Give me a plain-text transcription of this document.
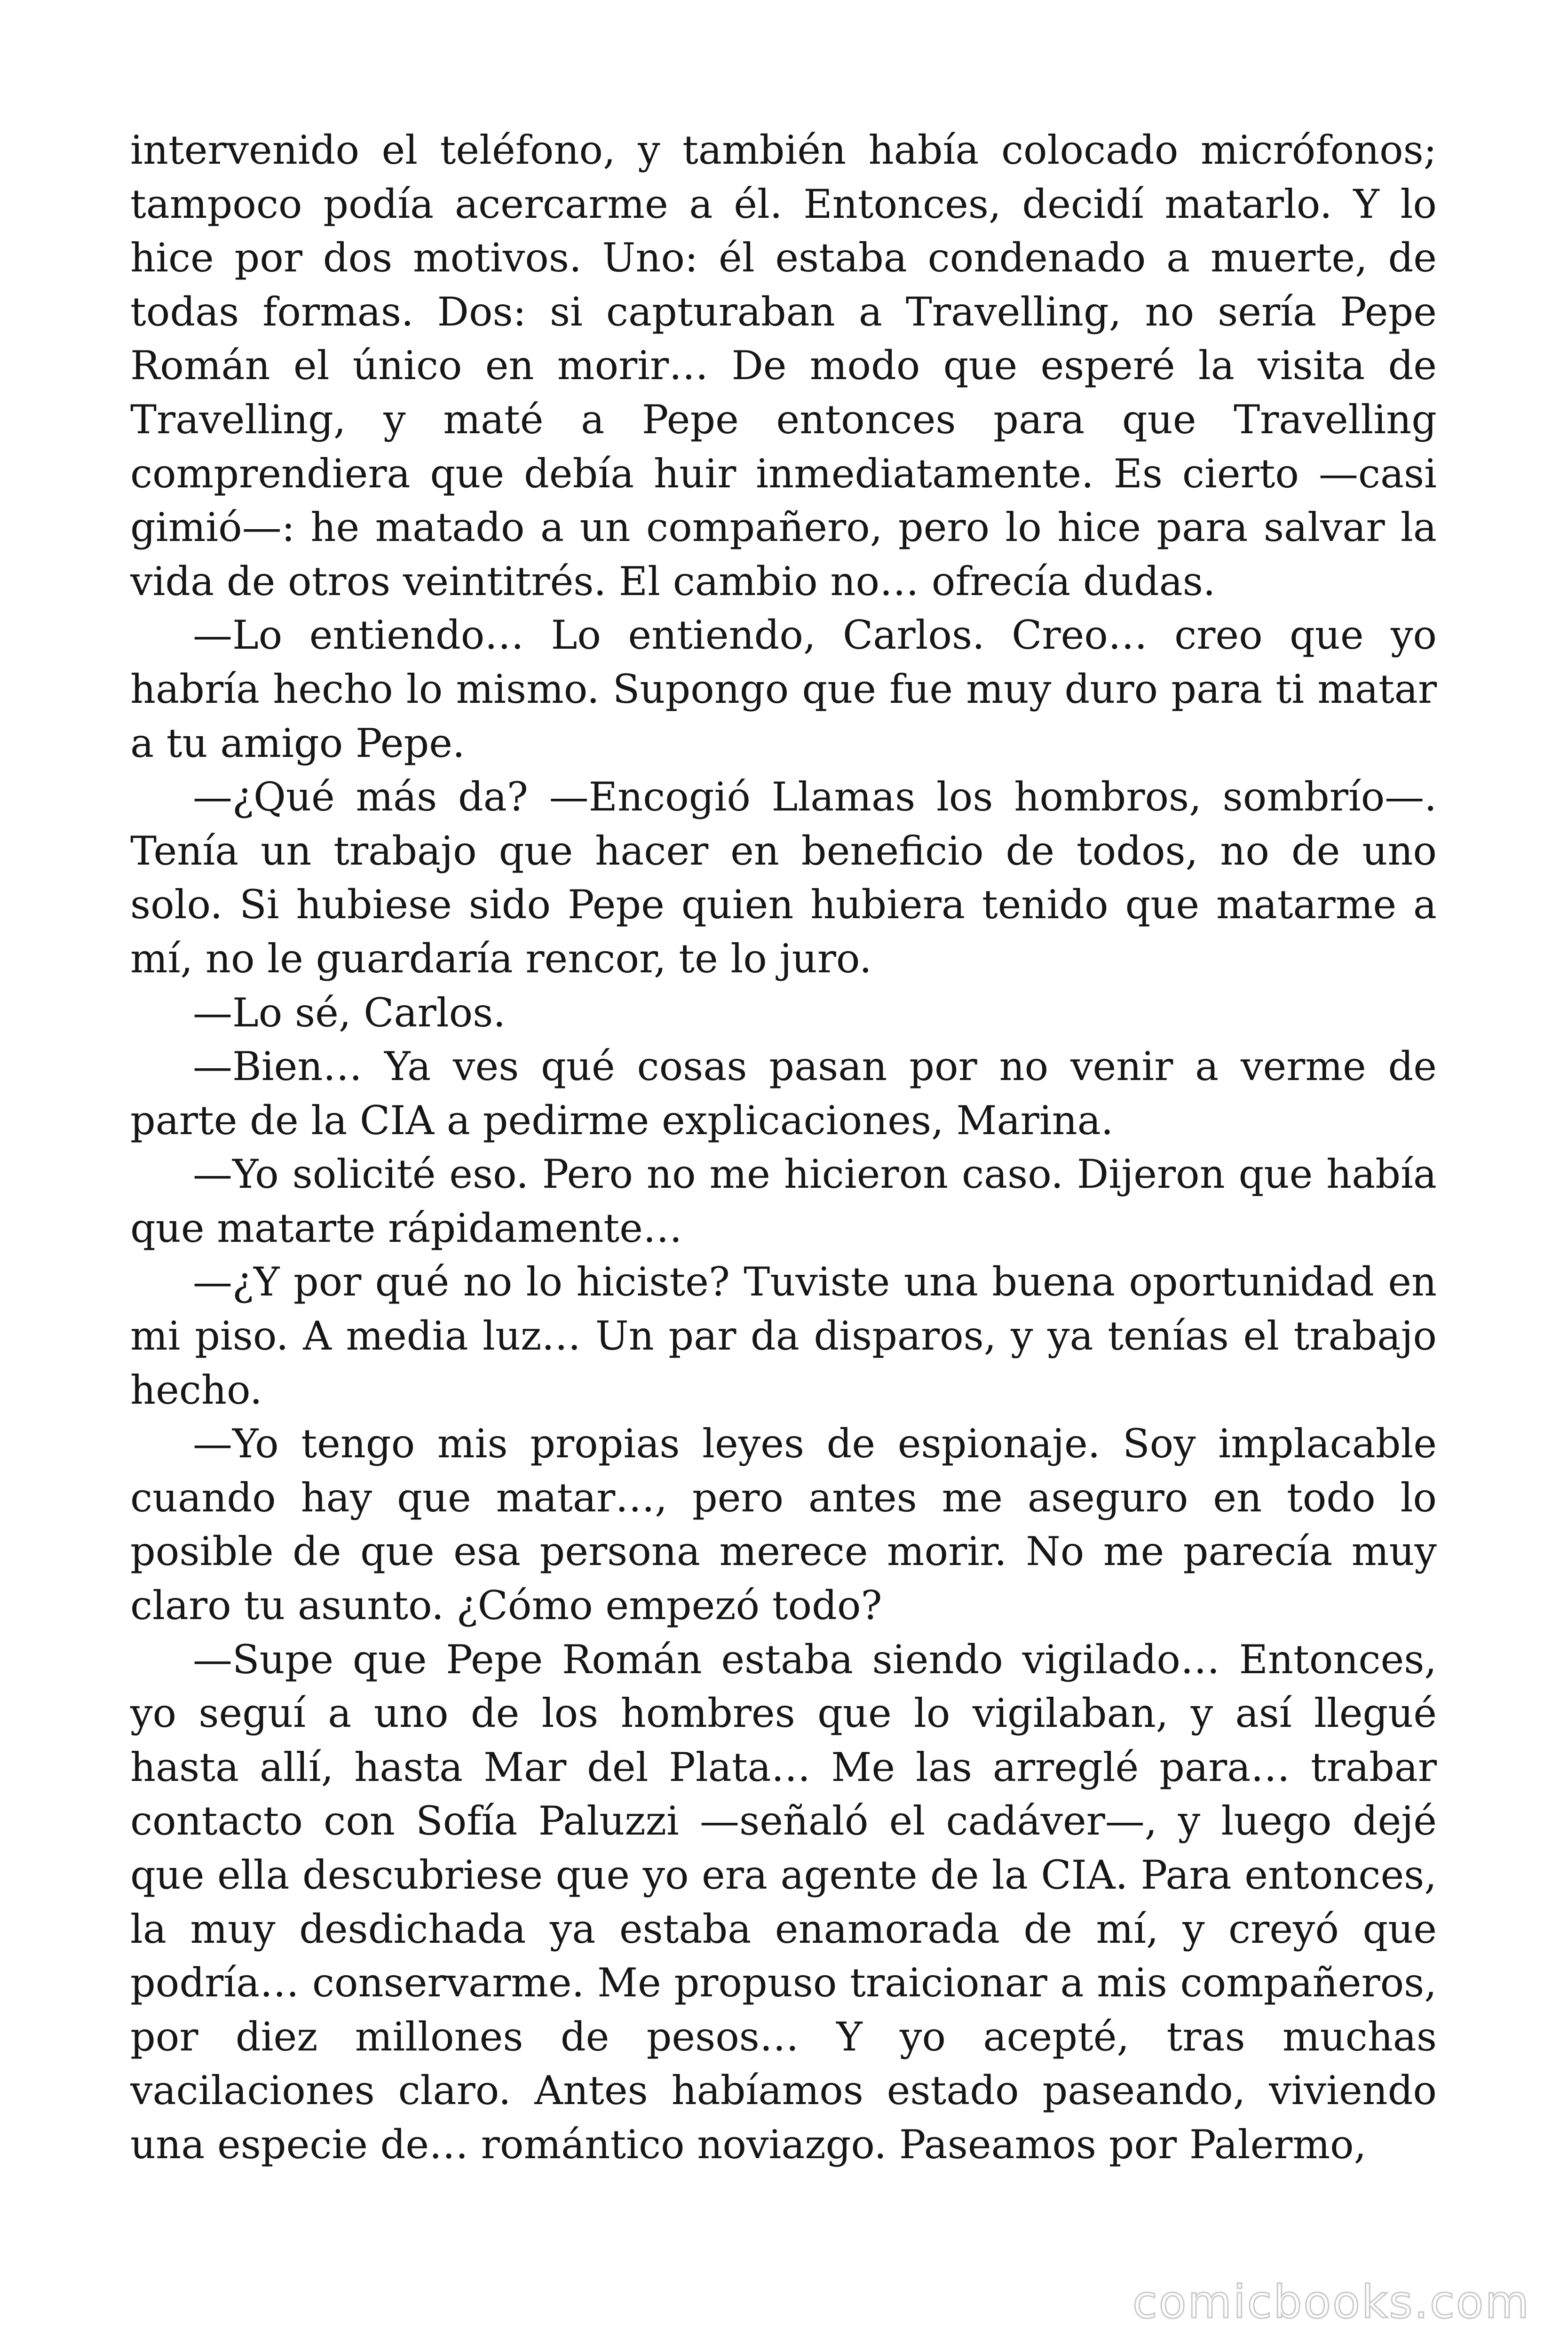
intervenido el teléfono, y también había colocado micrófonos; tampoco podía acercarme a él. Entonces, decidí matarlo. Y lo hice por dos motivos. Uno: él estaba condenado a muerte, de todas formas. Dos: si capturaban a Travelling, no sería Pepe Román el único en morir… De modo que esperé la visita de Travelling, y maté a Pepe entonces para que Travelling comprendiera que debía huir inmediatamente. Es cierto —casi gimió—: he matado a un compañero, pero lo hice para salvar la vida de otros veintitrés. El cambio no… ofrecía dudas.

—Lo entiendo… Lo entiendo, Carlos. Creo… creo que yo habría hecho lo mismo. Supongo que fue muy duro para ti matar a tu amigo Pepe.

—¿Qué más da? —Encogió Llamas los hombros, sombrío—. Tenía un trabajo que hacer en beneficio de todos, no de uno solo. Si hubiese sido Pepe quien hubiera tenido que matarme a mí, no le guardaría rencor, te lo juro.

—Lo sé, Carlos.

—Bien… Ya ves qué cosas pasan por no venir a verme de parte de la CIA a pedirme explicaciones, Marina.

—Yo solicité eso. Pero no me hicieron caso. Dijeron que había que matarte rápidamente…

—¿Y por qué no lo hiciste? Tuviste una buena oportunidad en mi piso. A media luz… Un par da disparos, y ya tenías el trabajo hecho.

—Yo tengo mis propias leyes de espionaje. Soy implacable cuando hay que matar…, pero antes me aseguro en todo lo posible de que esa persona merece morir. No me parecía muy claro tu asunto. ¿Cómo empezó todo?

—Supe que Pepe Román estaba siendo vigilado… Entonces, yo seguí a uno de los hombres que lo vigilaban, y así llegué hasta allí, hasta Mar del Plata… Me las arreglé para… trabar contacto con Sofía Paluzzi —señaló el cadáver—, y luego dejé que ella descubriese que yo era agente de la CIA. Para entonces, la muy desdichada ya estaba enamorada de mí, y creyó que podría… conservarme. Me propuso traicionar a mis compañeros, por diez millones de pesos… Y yo acepté, tras muchas vacilaciones claro. Antes habíamos estado paseando, viviendo una especie de… romántico noviazgo. Paseamos por Palermo,

comicbooks.com
